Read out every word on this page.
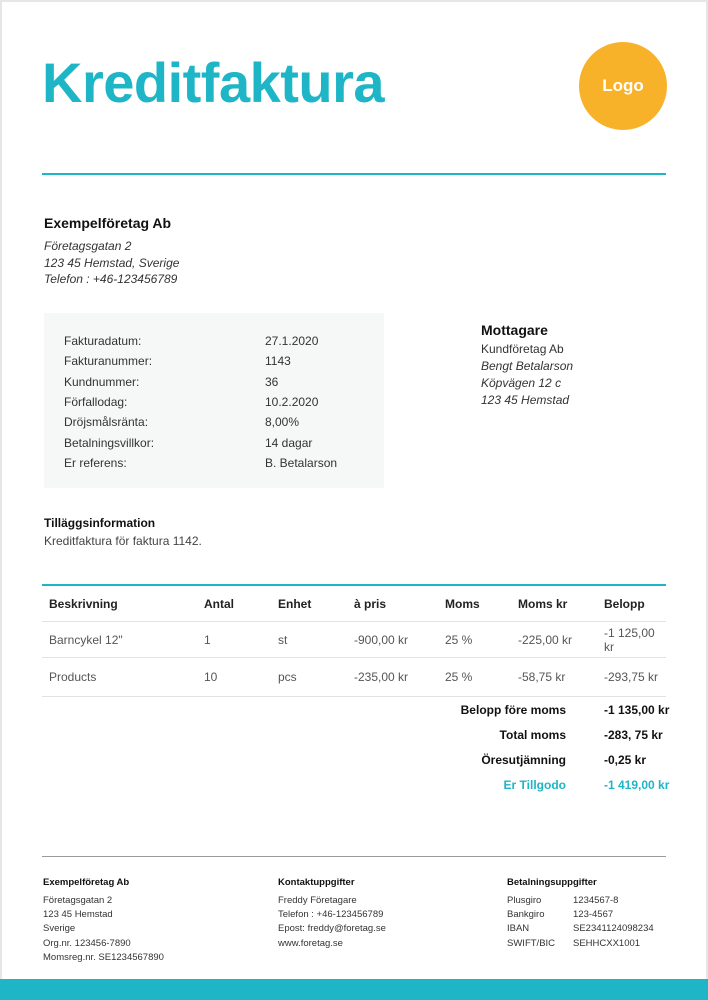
Kreditfaktura	Logo
Exempelföretag Ab
Företagsgatan 2
123 45 Hemstad, Sverige
Telefon : +46-123456789
Fakturadatum:	27.1.2020
Fakturanummer:	1143
Kundnummer:	36
Förfallodag:	10.2.2020
Dröjsmålsränta:	8,00%
Betalningsvillkor:	14 dagar
Er referens:	B. Betalarson
Mottagare
Kundföretag Ab
Bengt Betalarson
Köpvägen 12 c
123 45 Hemstad
Tilläggsinformation
Kreditfaktura för faktura 1142.
Beskrivning	Antal	Enhet	à pris	Moms	Moms kr	Belopp
Barncykel 12"	1	st	-900,00 kr	25 %	-225,00 kr	-1 125,00 kr
Products	10	pcs	-235,00 kr	25 %	-58,75 kr	-293,75 kr
Belopp före moms	-1 135,00 kr
Total moms	-283, 75 kr
Öresutjämning	-0,25 kr
Er Tillgodo	-1 419,00 kr
Exempelföretag Ab
Företagsgatan 2
123 45 Hemstad
Sverige
Org.nr. 123456-7890
Momsreg.nr. SE1234567890
Kontaktuppgifter
Freddy Företagare
Telefon : +46-123456789
Epost: freddy@foretag.se
www.foretag.se
Betalningsuppgifter
Plusgiro	1234567-8
Bankgiro	123-4567
IBAN	SE2341124098234
SWIFT/BIC	SEHHCXX1001
